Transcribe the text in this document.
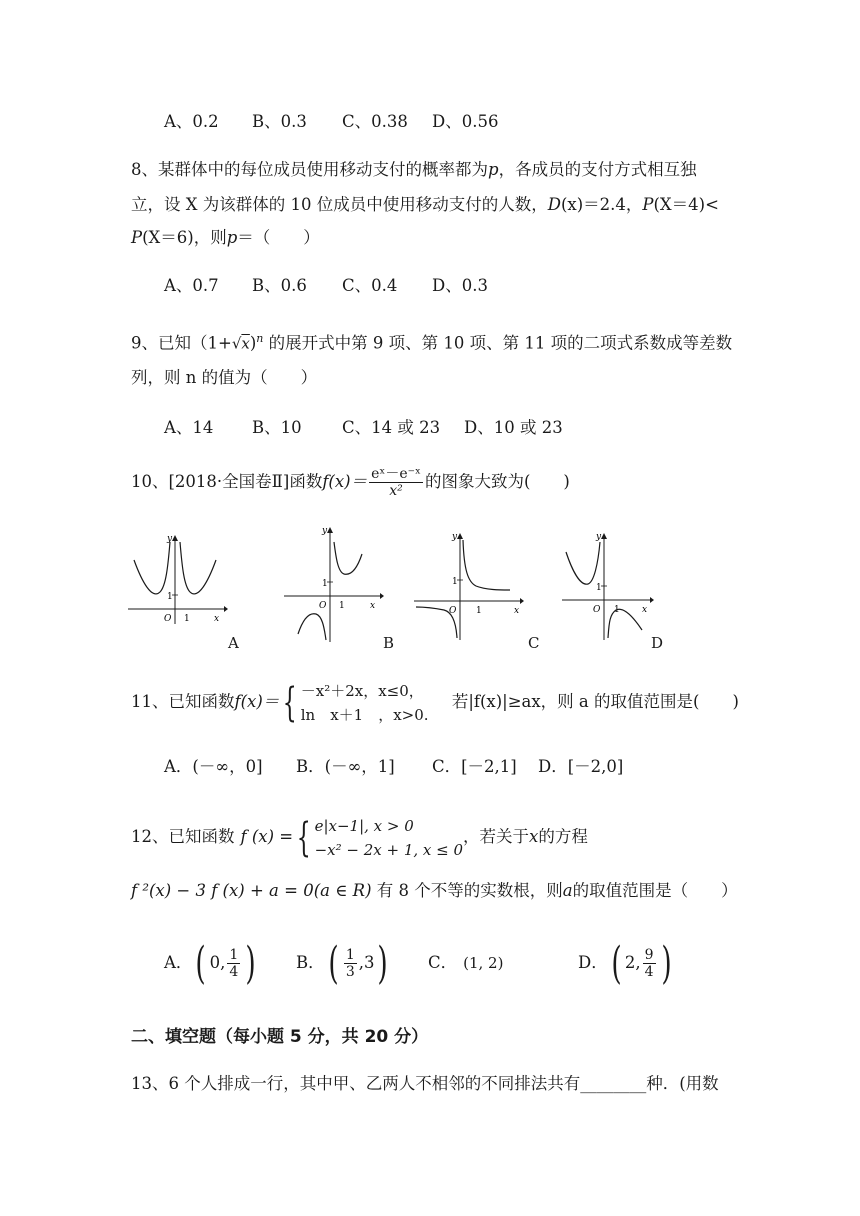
A、0.2 B、0.3 C、0.38 D、0.56
8、某群体中的每位成员使用移动支付的概率都为p，各成员的支付方式相互独
立，设 X 为该群体的 10 位成员中使用移动支付的人数，D(x)＝2.4，P(X＝4)<
P(X＝6)，则p＝（　　）
A、0.7 B、0.6 C、0.4 D、0.3
9、已知（1+√x)$^n$ 的展开式中第 9 项、第 10 项、第 11 项的二项式系数成等差数
列，则 n 的值为（　　）
A、14 B、10 C、14 或 23 D、10 或 23
10、[2018·全国卷Ⅱ]函数$f(x)= \frac{\text{eˣ－e⁻ˣ}}{\text{x²}}$ 的图象大致为(　　)
y
x
O 1
1
A
y
x
O 1
1
B
y
x
O 1
1
C
y
x
O 1
1
D
11、已知函数f(x)＝{ －x²＋2x，x≤0，
ln　x＋1　，x>0.
若|f(x)|≥ax，则 a 的取值范围是(　　)
A．(－∞，0] B．(－∞，1] C．[－2,1] D．[－2,0]
12、已知函数 f (x) ={ e|x−1|, x > 0
−x² − 2x + 1, x ≤ 0
，若关于x的方程
f ²(x) − 3 f (x) + a = 0(a ∈ R) 有 8 个不等的实数根，则a的取值范围是（　　）
A．( 0, $\frac{1}{4}$ ) B．( $\frac{1}{3} ,3$) C． (1, 2)	D．( 2, $\frac{9}{4}$ )
二、填空题（每小题 5 分，共 20 分）
13、6 个人排成一行，其中甲、乙两人不相邻的不同排法共有________种．(用数
